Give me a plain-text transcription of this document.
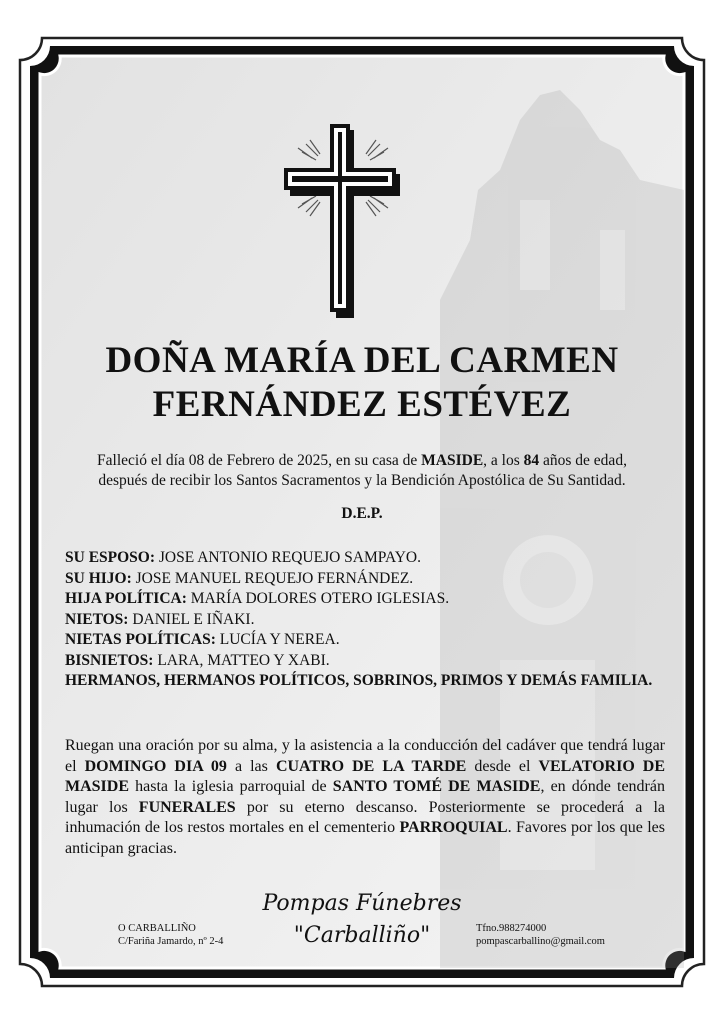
DOÑA MARÍA DEL CARMEN
FERNÁNDEZ ESTÉVEZ
Falleció el día 08 de Febrero de 2025, en su casa de MASIDE, a los 84 años de edad,
después de recibir los Santos Sacramentos y la Bendición Apostólica de Su Santidad.
D.E.P.
SU ESPOSO: JOSE ANTONIO REQUEJO SAMPAYO.
SU HIJO: JOSE MANUEL REQUEJO FERNÁNDEZ.
HIJA POLÍTICA: MARÍA DOLORES OTERO IGLESIAS.
NIETOS: DANIEL E IÑAKI.
NIETAS POLÍTICAS: LUCÍA Y NEREA.
BISNIETOS: LARA, MATTEO Y XABI.
HERMANOS, HERMANOS POLÍTICOS, SOBRINOS, PRIMOS Y DEMÁS FAMILIA.
Ruegan una oración por su alma, y la asistencia a la conducción del cadáver que tendrá lugar el DOMINGO DIA 09 a las CUATRO DE LA TARDE desde el VELATORIO DE MASIDE hasta la iglesia parroquial de SANTO TOMÉ DE MASIDE, en dónde tendrán lugar los FUNERALES por su eterno descanso. Posteriormente se procederá a la inhumación de los restos mortales en el cementerio PARROQUIAL. Favores por los que les anticipan gracias.
Pompas Fúnebres
"Carballiño"
O CARBALLIÑO
C/Fariña Jamardo, nº 2-4
Tfno.988274000
pompascarballino@gmail.com
